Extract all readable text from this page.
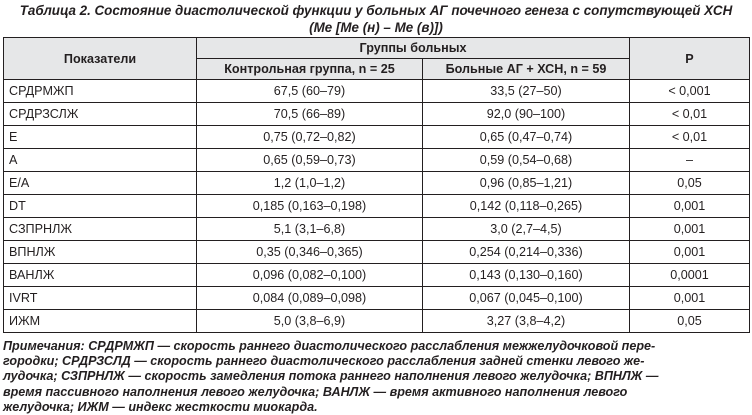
Таблица 2. Состояние диастолической функции у больных АГ почечного генеза с сопутствующей ХСН
(Ме [Ме (н) – Ме (в)])
Показатели	Группы больных		Р
	Контрольная группа, n = 25	Больные АГ + ХСН, n = 59	
СРДРМЖП	67,5 (60–79)	33,5 (27–50)	< 0,001
СРДРЗСЛЖ	70,5 (66–89)	92,0 (90–100)	< 0,01
E	0,75 (0,72–0,82)	0,65 (0,47–0,74)	< 0,01
A	0,65 (0,59–0,73)	0,59 (0,54–0,68)	–
E/A	1,2 (1,0–1,2)	0,96 (0,85–1,21)	0,05
DT	0,185 (0,163–0,198)	0,142 (0,118–0,265)	0,001
СЗПРНЛЖ	5,1 (3,1–6,8)	3,0 (2,7–4,5)	0,001
ВПНЛЖ	0,35 (0,346–0,365)	0,254 (0,214–0,336)	0,001
ВАНЛЖ	0,096 (0,082–0,100)	0,143 (0,130–0,160)	0,0001
IVRT	0,084 (0,089–0,098)	0,067 (0,045–0,100)	0,001
ИЖМ	5,0 (3,8–6,9)	3,27 (3,8–4,2)	0,05
Примечания: СРДРМЖП — скорость раннего диастолического расслабления межжелудочковой пере-
городки; СРДРЗСЛД — скорость раннего диастолического расслабления задней стенки левого же-
лудочка; СЗПРНЛЖ — скорость замедления потока раннего наполнения левого желудочка; ВПНЛЖ —
время пассивного наполнения левого желудочка; ВАНЛЖ — время активного наполнения левого
желудочка; ИЖМ — индекс жесткости миокарда.
